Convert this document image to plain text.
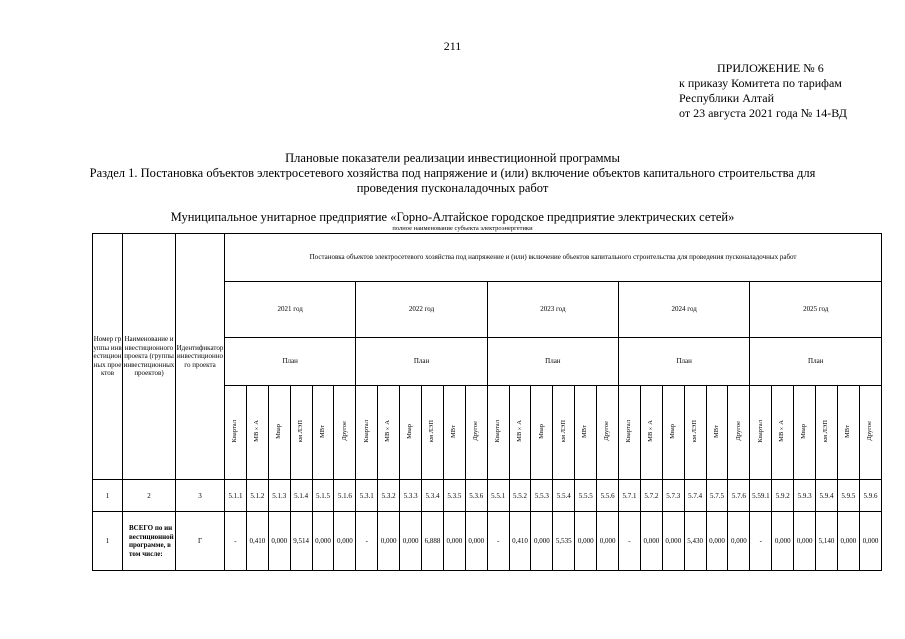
211
ПРИЛОЖЕНИЕ № 6
к приказу Комитета по тарифам
Республики Алтай
от 23 августа 2021 года № 14-ВД
Плановые показатели реализации инвестиционной программы
Раздел 1. Постановка объектов электросетевого хозяйства под напряжение и (или) включение объектов капитального строительства для
проведения пусконаладочных работ
Муниципальное унитарное предприятие «Горно-Алтайское городское предприятие электрических сетей»
полное наименование субъекта электроэнергетики
Номер группы инвестиционных проектов	Наименование инвестиционного проекта (группы инвестиционных проектов)	Идентификатор инвестиционного проекта	Постановка объектов электросетевого хозяйства под напряжение и (или) включение объектов капитального строительства для проведения пусконаладочных работ																													
			2021 год						2022 год						2023 год						2024 год						2025 год					
			План						План						План						План						План					
			Квартал	МВ×А	Мвар	км ЛЭП	МВт	Другое	Квартал	МВ×А	Мвар	км ЛЭП	МВт	Другое	Квартал	МВ×А	Мвар	км ЛЭП	МВт	Другое	Квартал	МВ×А	Мвар	км ЛЭП	МВт	Другое	Квартал	МВ×А	Мвар	км ЛЭП	МВт	Другое
1	2	3	5.1.1	5.1.2	5.1.3	5.1.4	5.1.5	5.1.6	5.3.1	5.3.2	5.3.3	5.3.4	5.3.5	5.3.6	5.5.1	5.5.2	5.5.3	5.5.4	5.5.5	5.5.6	5.7.1	5.7.2	5.7.3	5.7.4	5.7.5	5.7.6	5.59.1	5.9.2	5.9.3	5.9.4	5.9.5	5.9.6
1	ВСЕГО по инвестиционной программе, в том числе:	Г	-	0,410	0,000	9,514	0,000	0,000	-	0,000	0,000	6,888	0,000	0,000	-	0,410	0,000	5,535	0,000	0,000	-	0,000	0,000	5,430	0,000	0,000	-	0,000	0,000	5,140	0,000	0,000
